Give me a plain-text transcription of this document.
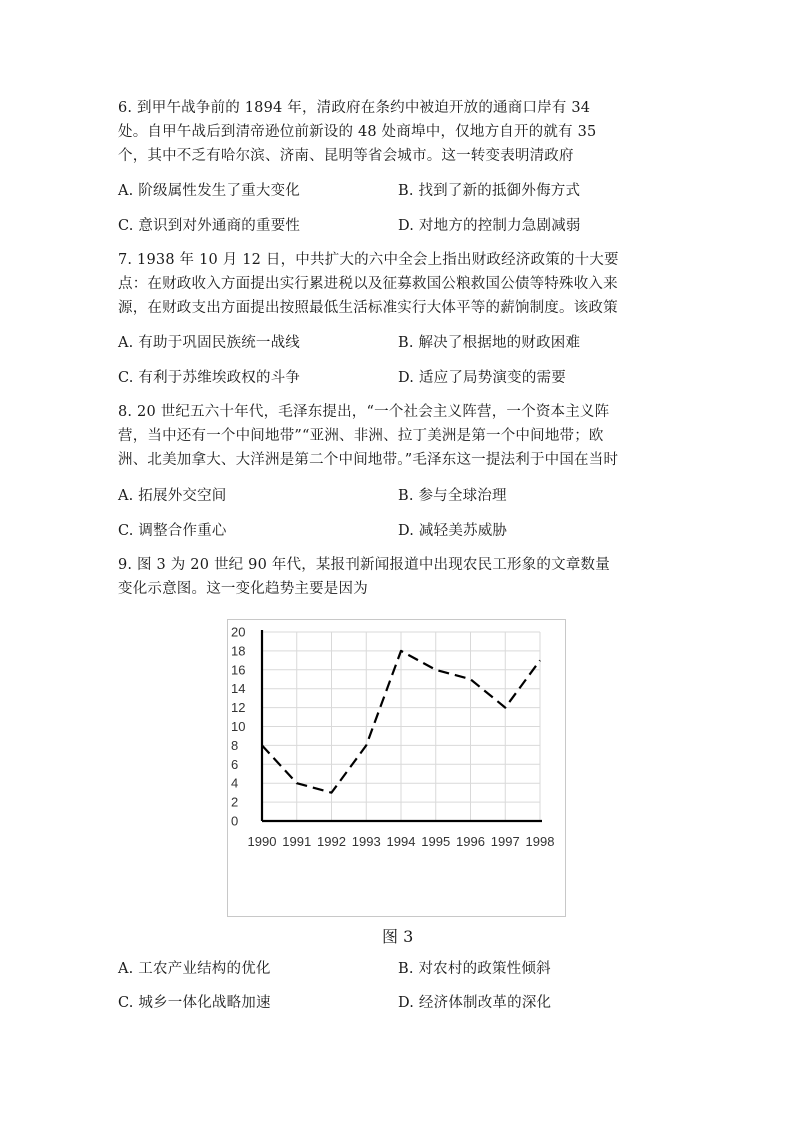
6. 到甲午战争前的 1894 年，清政府在条约中被迫开放的通商口岸有 34
处。自甲午战后到清帝逊位前新设的 48 处商埠中，仅地方自开的就有 35
个，其中不乏有哈尔滨、济南、昆明等省会城市。这一转变表明清政府
A. 阶级属性发生了重大变化	B. 找到了新的抵御外侮方式
C. 意识到对外通商的重要性	D. 对地方的控制力急剧减弱
7. 1938 年 10 月 12 日，中共扩大的六中全会上指出财政经济政策的十大要
点：在财政收入方面提出实行累进税以及征募救国公粮救国公债等特殊收入来
源，在财政支出方面提出按照最低生活标准实行大体平等的薪饷制度。该政策
A. 有助于巩固民族统一战线	B. 解决了根据地的财政困难
C. 有利于苏维埃政权的斗争	D. 适应了局势演变的需要
8. 20 世纪五六十年代，毛泽东提出，“一个社会主义阵营，一个资本主义阵
营，当中还有一个中间地带”“亚洲、非洲、拉丁美洲是第一个中间地带；欧
洲、北美加拿大、大洋洲是第二个中间地带。”毛泽东这一提法利于中国在当时
A. 拓展外交空间	B. 参与全球治理
C. 调整合作重心	D. 减轻美苏威胁
9. 图 3 为 20 世纪 90 年代，某报刊新闻报道中出现农民工形象的文章数量
变化示意图。这一变化趋势主要是因为
0
2
4
6
8
10
12
14
16
18
20
1990 1991 1992 1993 1994 1995 1996 1997 1998
图 3
A. 工农产业结构的优化	B. 对农村的政策性倾斜
C. 城乡一体化战略加速	D. 经济体制改革的深化
